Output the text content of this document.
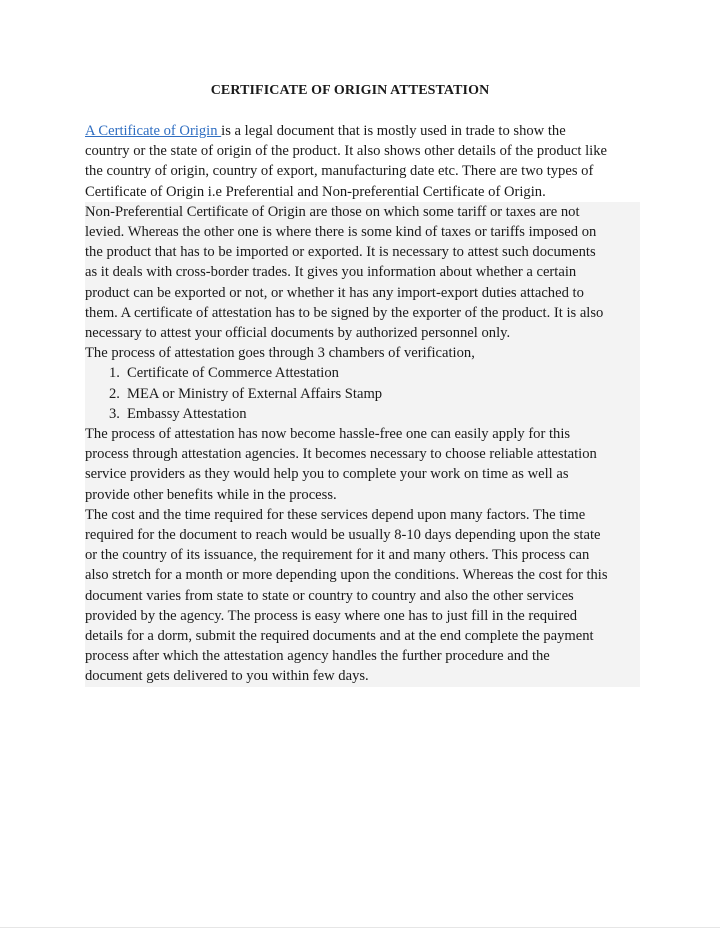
CERTIFICATE OF ORIGIN ATTESTATION
A Certificate of Origin is a legal document that is mostly used in trade to show the
country or the state of origin of the product. It also shows other details of the product like
the country of origin, country of export, manufacturing date etc. There are two types of
Certificate of Origin i.e Preferential and Non-preferential Certificate of Origin.
Non-Preferential Certificate of Origin are those on which some tariff or taxes are not
levied. Whereas the other one is where there is some kind of taxes or tariffs imposed on
the product that has to be imported or exported. It is necessary to attest such documents
as it deals with cross-border trades. It gives you information about whether a certain
product can be exported or not, or whether it has any import-export duties attached to
them. A certificate of attestation has to be signed by the exporter of the product. It is also
necessary to attest your official documents by authorized personnel only.
The process of attestation goes through 3 chambers of verification,
1. Certificate of Commerce Attestation
2. MEA or Ministry of External Affairs Stamp
3. Embassy Attestation
The process of attestation has now become hassle-free one can easily apply for this
process through attestation agencies. It becomes necessary to choose reliable attestation
service providers as they would help you to complete your work on time as well as
provide other benefits while in the process.
The cost and the time required for these services depend upon many factors. The time
required for the document to reach would be usually 8-10 days depending upon the state
or the country of its issuance, the requirement for it and many others. This process can
also stretch for a month or more depending upon the conditions. Whereas the cost for this
document varies from state to state or country to country and also the other services
provided by the agency. The process is easy where one has to just fill in the required
details for a dorm, submit the required documents and at the end complete the payment
process after which the attestation agency handles the further procedure and the
document gets delivered to you within few days.
